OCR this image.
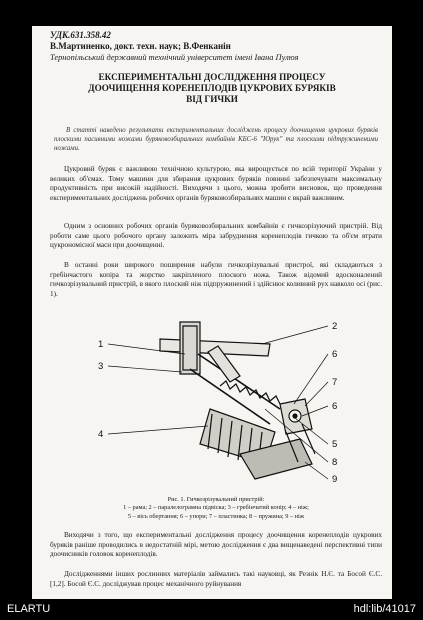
УДК.631.358.42
В.Мартиненко, докт. техн. наук; В.Фенканін
Тернопільський державний технічний університет імені Івана Пулюя
ЕКСПЕРИМЕНТАЛЬНІ ДОСЛІДЖЕННЯ ПРОЦЕСУ
ДООЧИЩЕННЯ КОРЕНЕПЛОДІВ ЦУКРОВИХ БУРЯКІВ
ВІД ГИЧКИ
В статті наведено результати експериментальних досліджень процесу доочищення цукрових буряків плоскими пасивними ножами буряковозбиральних комбайнів КБС-6 "Юрук" та плоскими підтружиненими ножами.
Цукровий буряк є важливою технічною культурою, яка вирощується по всій території України у великих об'ємах. Тому машини для збирання цукрових буряків повинні забезпечувати максимальну продуктивність при високій надійності. Виходячи з цього, можна зробити висновок, що проведення експериментальних досліджень робочих органів буряковозбиральних машин є вкрай важливим.
Одним з основних робочих органів буряковозбиральних комбайнів є гичкозрізуючий пристрій. Від роботи саме цього робочого органу залежить міра забруднення коренеплодів гичкою та об'єм втрати цукрономісної маси при доочищенні.
В останні роки широкого поширення набули гичкозрізувальні пристрої, які складаються з гребінчастого копіра та жорстко закріпленого плоского ножа. Також відомий вдосконалений гичкозрізувальний пристрій, в якого плоский ніж підпружинений і здійснює коливний рух навколо осі (рис. 1).
1
2
3
4
5
6
7
6
8
9
Рис. 1. Гичкозрізувальний пристрій:
1 – рама; 2 – паралелограмна підвіска; 3 – гребінчатий копір; 4 – ніж;
5 – вісь обертання; 6 – упори; 7 – пластинка; 8 – пружина; 9 – ніж
Виходячи з того, що експериментальні дослідження процесу доочищення коренеплодів цукрових буряків раніше проводились в недостатній мірі, метою дослідження є два вищенаведені перспективні типи доочисників головок коренеплодів.
Дослідженнями інших рослинних матеріалів займались такі науковці, як Резнік Н.Є. та Босой Є.С. [1,2]. Босой Є.С. досліджував процес механічного руйнування
ELARTU	hdl:lib/41017
